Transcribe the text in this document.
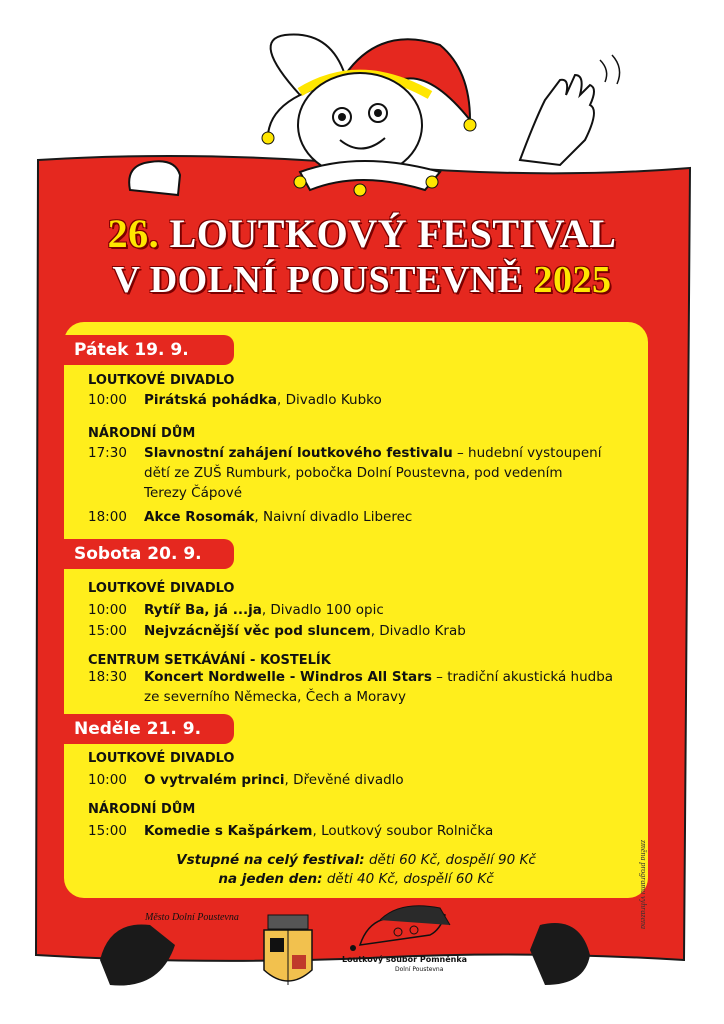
26. LOUTKOVÝ FESTIVAL
V DOLNÍ POUSTEVNĚ 2025
Pátek 19. 9.
LOUTKOVÉ DIVADLO
10:00 Pirátská pohádka, Divadlo Kubko
NÁRODNÍ DŮM
17:30 Slavnostní zahájení loutkového festivalu – hudební vystoupení
dětí ze ZUŠ Rumburk, pobočka Dolní Poustevna, pod vedením
Terezy Čápové
18:00 Akce Rosomák, Naivní divadlo Liberec
Sobota 20. 9.
LOUTKOVÉ DIVADLO
10:00 Rytíř Ba, já ...ja, Divadlo 100 opic
15:00 Nejvzácnější věc pod sluncem, Divadlo Krab
CENTRUM SETKÁVÁNÍ - KOSTELÍK
18:30 Koncert Nordwelle - Windros All Stars – tradiční akustická hudba
ze severního Německa, Čech a Moravy
Neděle 21. 9.
LOUTKOVÉ DIVADLO
10:00 O vytrvalém princi, Dřevěné divadlo
NÁRODNÍ DŮM
15:00 Komedie s Kašpárkem, Loutkový soubor Rolnička
Vstupné na celý festival: děti 60 Kč, dospělí 90 Kč
na jeden den: děti 40 Kč, dospělí 60 Kč
Město Dolní Poustevna
Loutkový soubor Pomněnka
Dolní Poustevna
změna programu vyhrazena
